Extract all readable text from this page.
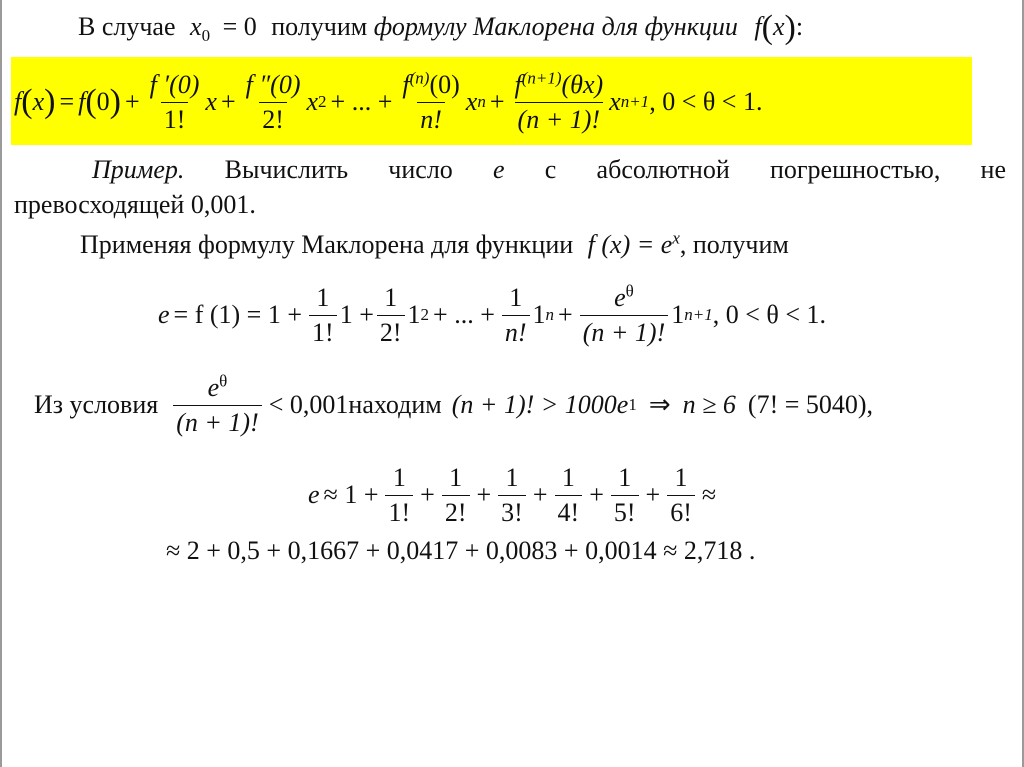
В случае $x_0 = 0$ получим формулу Маклорена для функции f(x):
f ( x ) = f ( 0 ) + $\frac{f '(0)}{1!}$ $x + \frac{f ''(0)}{2!}$ x 2 + ... + $\frac{f^{(n)}(0)}{n!}$ x $n + \frac{f^{(n+1)}(\theta x)}{(n + 1)!}$ x n+1 , 0 < θ < 1.
Пример. Вычислить число e с абсолютной погрешностью, не
превосходящей 0,001.
Применяя формулу Маклорена для функции f $(x) = e^x$, получим
e = f $(1) = 1 + \frac{1}{1!} 1 + \frac{1}{2!} 1$ 2 + ... + $\frac{1}{n!} 1$ $n + \frac{e^\theta}{(n + 1)!} 1$ n+1 , 0 < θ < 1.
Из условия $\frac{e^\theta}{(n + 1)!} < 0,001$ находим (n + 1)! > 1000e 1 ⇒ n ≥ 6 (7! = 5040),
$e \approx 1 + \frac{1}{1!} + \frac{1}{2!} + \frac{1}{3!} + \frac{1}{4!} + \frac{1}{5!} + \frac{1}{6!}$ ≈
≈ 2 + 0,5 + 0,1667 + 0,0417 + 0,0083 + 0,0014 ≈ 2,718 .
